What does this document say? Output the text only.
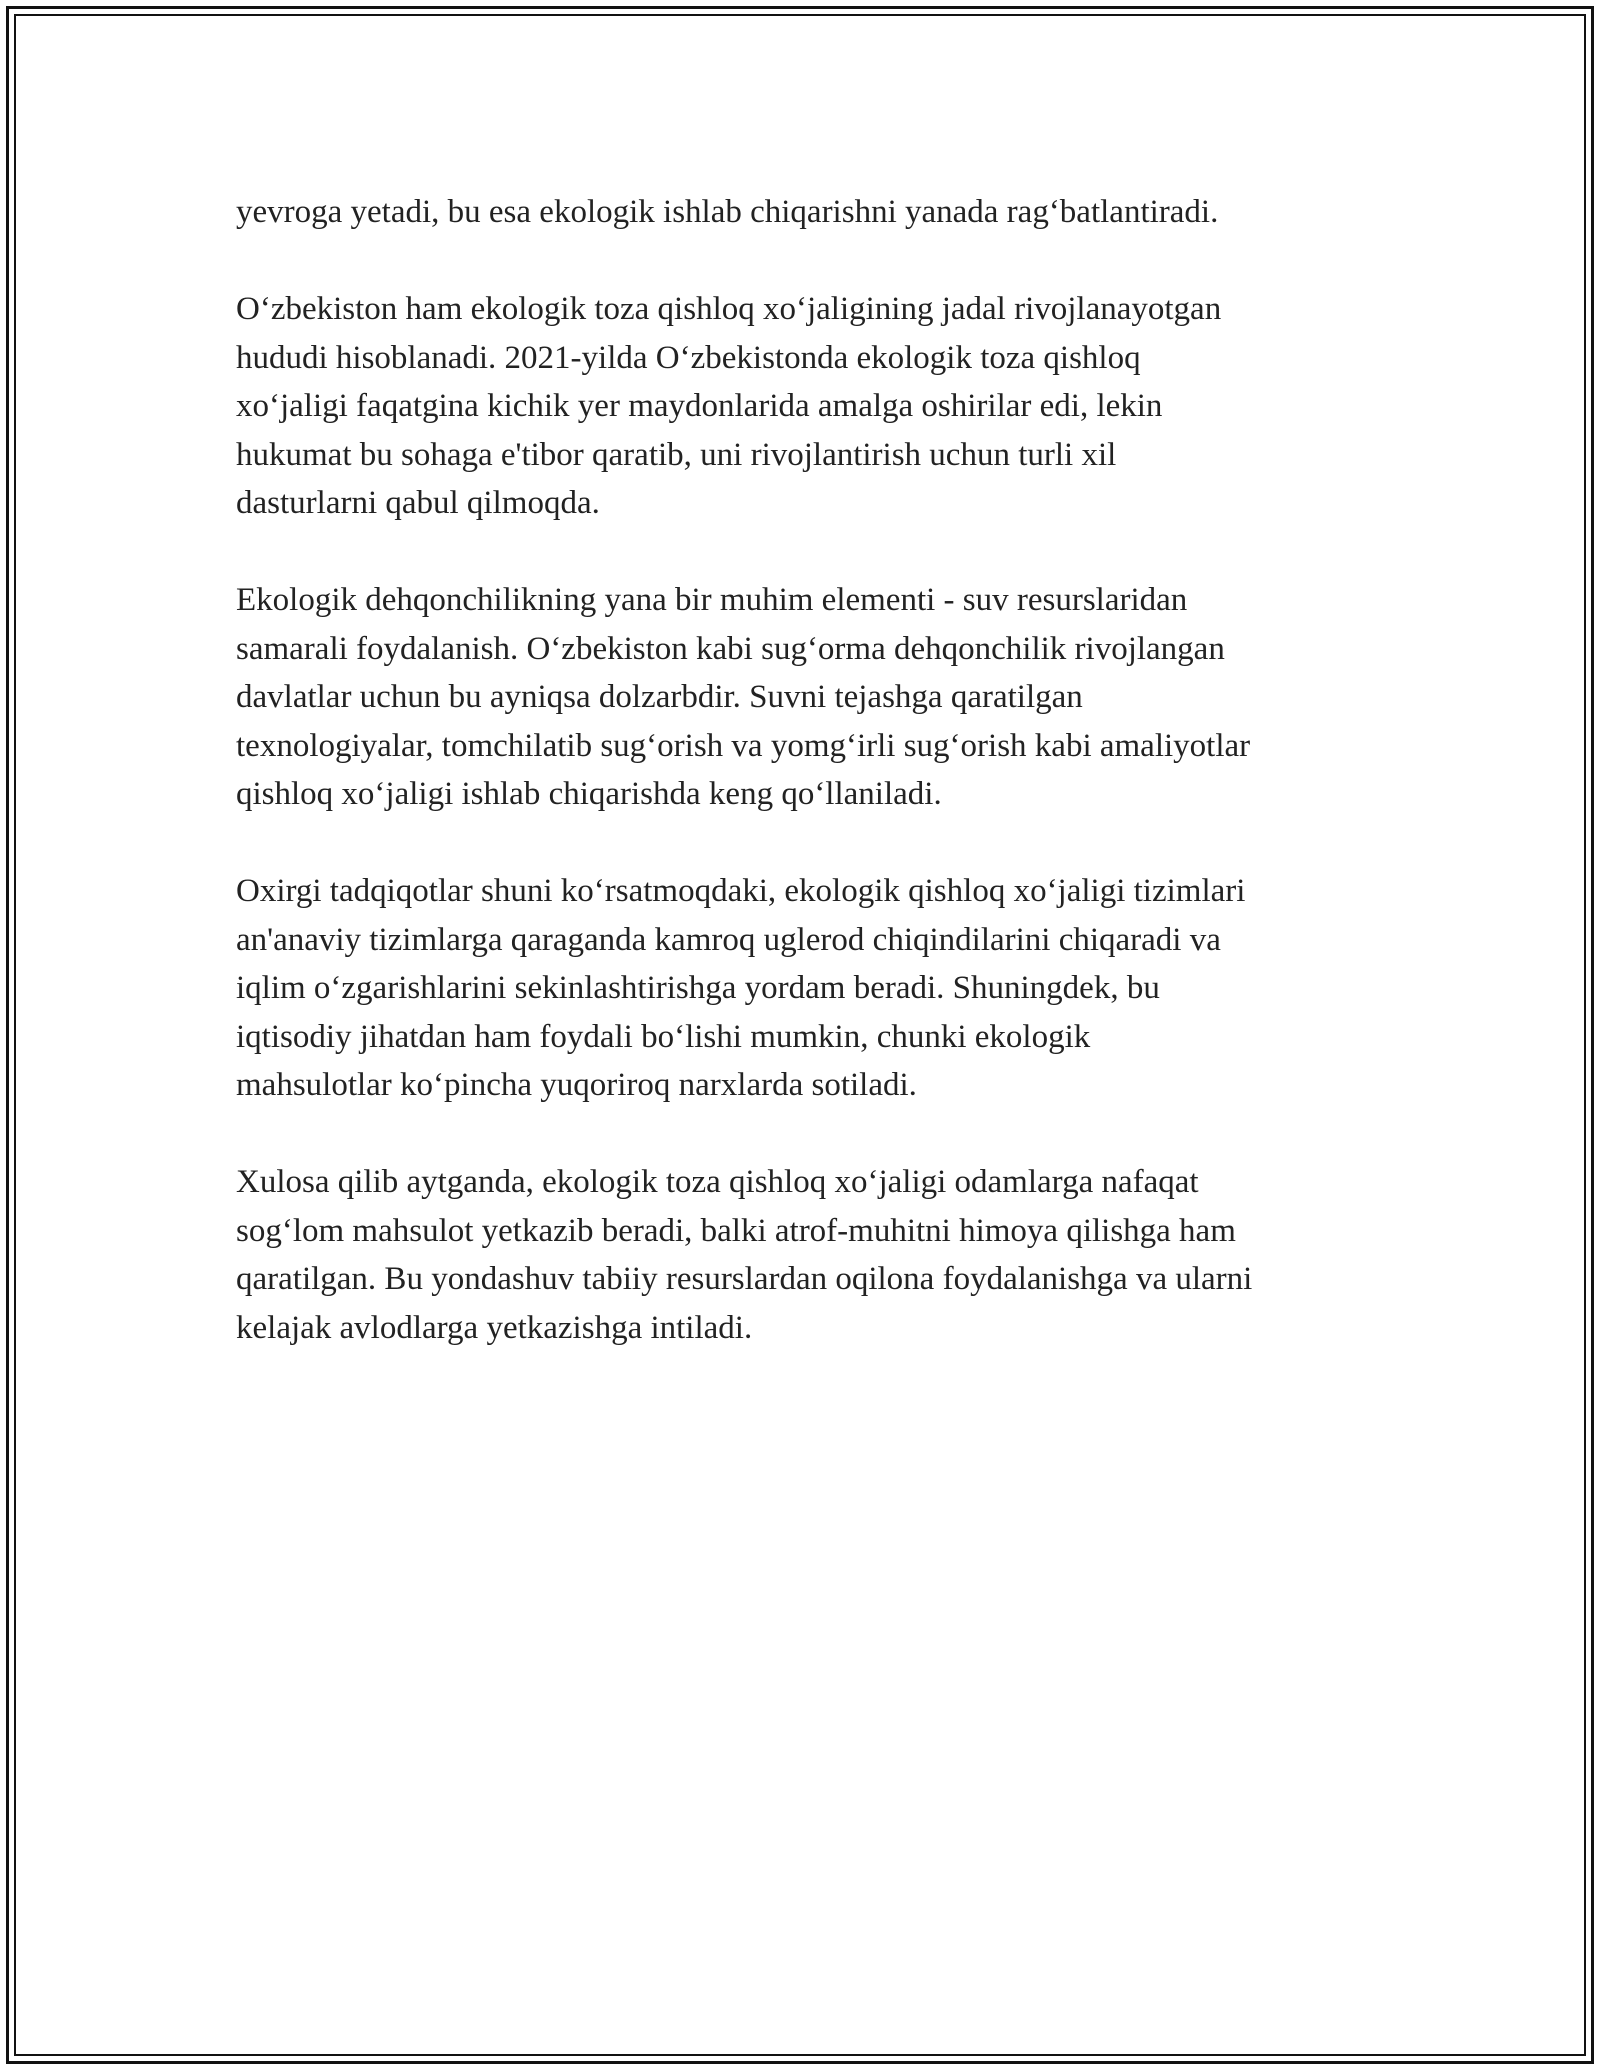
yevroga yetadi, bu esa ekologik ishlab chiqarishni yanada rag‘batlantiradi.

O‘zbekiston ham ekologik toza qishloq xo‘jaligining jadal rivojlanayotgan
hududi hisoblanadi. 2021-yilda O‘zbekistonda ekologik toza qishloq
xo‘jaligi faqatgina kichik yer maydonlarida amalga oshirilar edi, lekin
hukumat bu sohaga e'tibor qaratib, uni rivojlantirish uchun turli xil
dasturlarni qabul qilmoqda.

Ekologik dehqonchilikning yana bir muhim elementi - suv resurslaridan
samarali foydalanish. O‘zbekiston kabi sug‘orma dehqonchilik rivojlangan
davlatlar uchun bu ayniqsa dolzarbdir. Suvni tejashga qaratilgan
texnologiyalar, tomchilatib sug‘orish va yomg‘irli sug‘orish kabi amaliyotlar
qishloq xo‘jaligi ishlab chiqarishda keng qo‘llaniladi.

Oxirgi tadqiqotlar shuni ko‘rsatmoqdaki, ekologik qishloq xo‘jaligi tizimlari
an'anaviy tizimlarga qaraganda kamroq uglerod chiqindilarini chiqaradi va
iqlim o‘zgarishlarini sekinlashtirishga yordam beradi. Shuningdek, bu
iqtisodiy jihatdan ham foydali bo‘lishi mumkin, chunki ekologik
mahsulotlar ko‘pincha yuqoriroq narxlarda sotiladi.

Xulosa qilib aytganda, ekologik toza qishloq xo‘jaligi odamlarga nafaqat
sog‘lom mahsulot yetkazib beradi, balki atrof-muhitni himoya qilishga ham
qaratilgan. Bu yondashuv tabiiy resurslardan oqilona foydalanishga va ularni
kelajak avlodlarga yetkazishga intiladi.
